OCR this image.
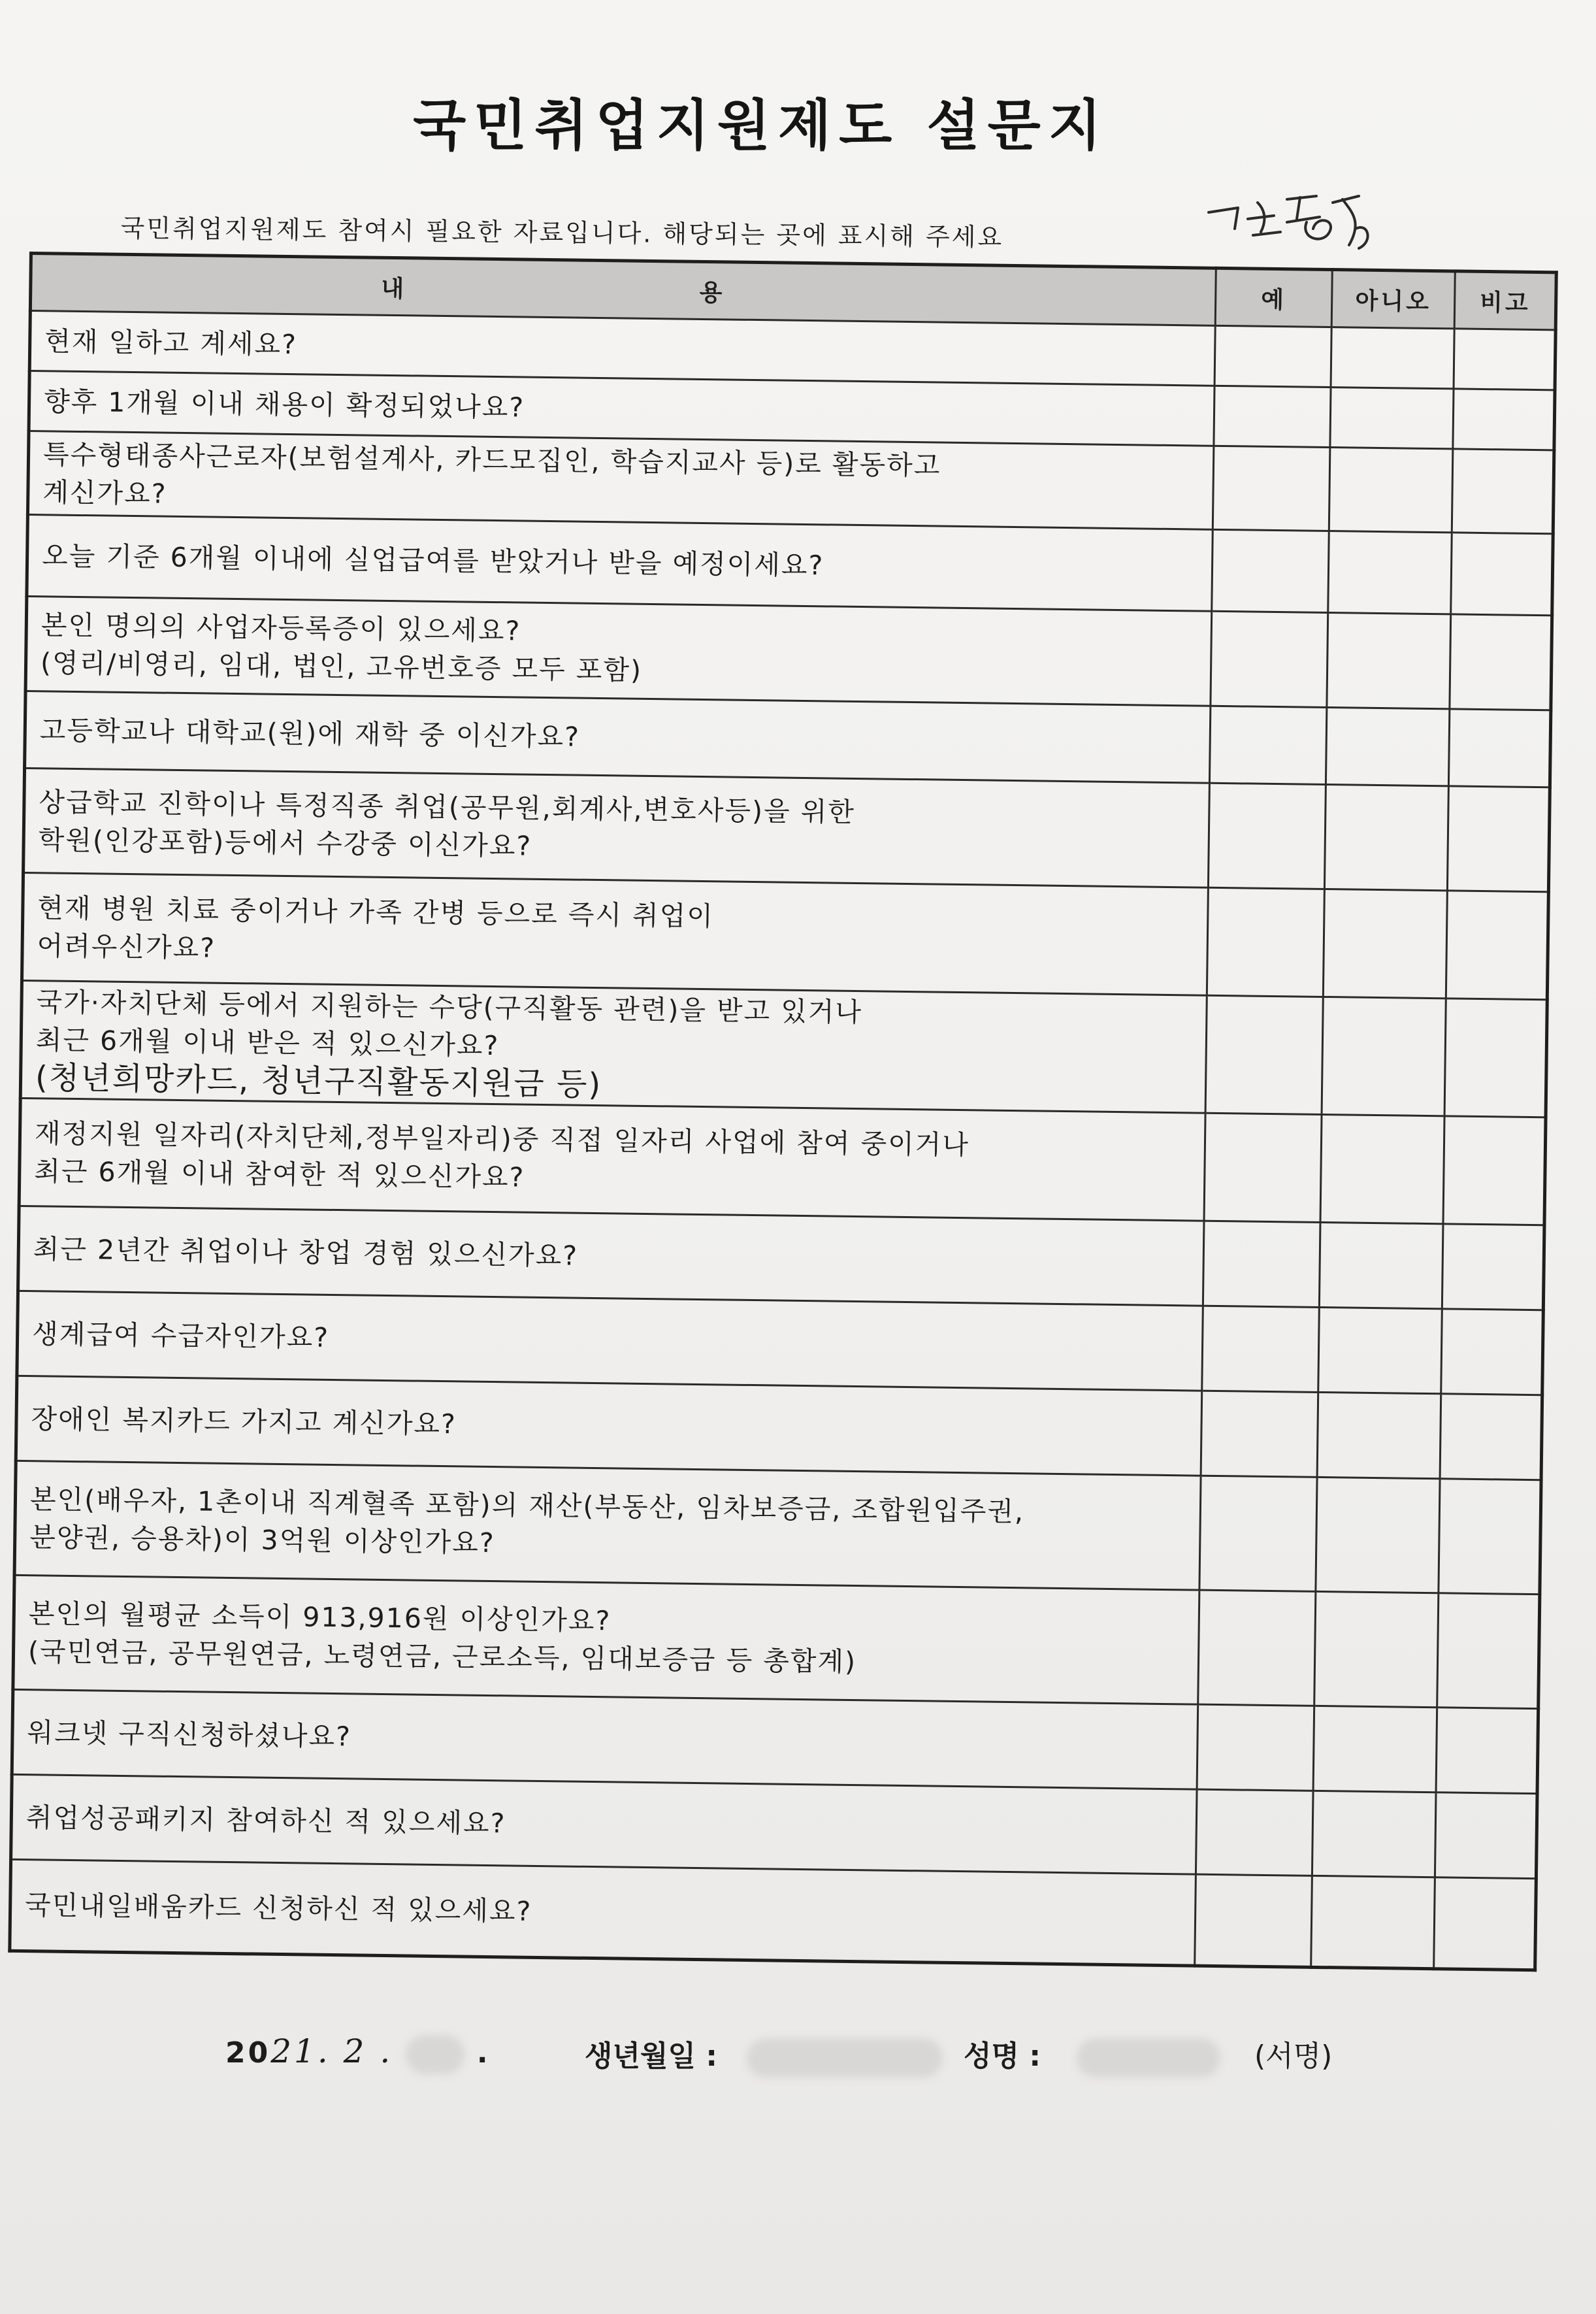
국민취업지원제도 설문지
국민취업지원제도 참여시 필요한 자료입니다. 해당되는 곳에 표시해 주세요
내 용	예	아니오	비고

현재 일하고 계세요?			

향후 1개월 이내 채용이 확정되었나요?			

특수형태종사근로자(보험설계사, 카드모집인, 학습지교사 등)로 활동하고
계신가요?			

오늘 기준 6개월 이내에 실업급여를 받았거나 받을 예정이세요?			

본인 명의의 사업자등록증이 있으세요?
(영리/비영리, 임대, 법인, 고유번호증 모두 포함)			

고등학교나 대학교(원)에 재학 중 이신가요?			

상급학교 진학이나 특정직종 취업(공무원,회계사,변호사등)을 위한
학원(인강포함)등에서 수강중 이신가요?			

현재 병원 치료 중이거나 가족 간병 등으로 즉시 취업이
어려우신가요?			

국가·자치단체 등에서 지원하는 수당(구직활동 관련)을 받고 있거나
최근 6개월 이내 받은 적 있으신가요?
(청년희망카드, 청년구직활동지원금 등)			

재정지원 일자리(자치단체,정부일자리)중 직접 일자리 사업에 참여 중이거나
최근 6개월 이내 참여한 적 있으신가요?			

최근 2년간 취업이나 창업 경험 있으신가요?			

생계급여 수급자인가요?			

장애인 복지카드 가지고 계신가요?			

본인(배우자, 1촌이내 직계혈족 포함)의 재산(부동산, 임차보증금, 조합원입주권,
분양권, 승용차)이 3억원 이상인가요?			

본인의 월평균 소득이 913,916원 이상인가요?
(국민연금, 공무원연금, 노령연금, 근로소득, 임대보증금 등 총합계)			

워크넷 구직신청하셨나요?			

취업성공패키지 참여하신 적 있으세요?			

국민내일배움카드 신청하신 적 있으세요?			

2021. 2 .	.	생년월일 :	성명 :	(서명)
